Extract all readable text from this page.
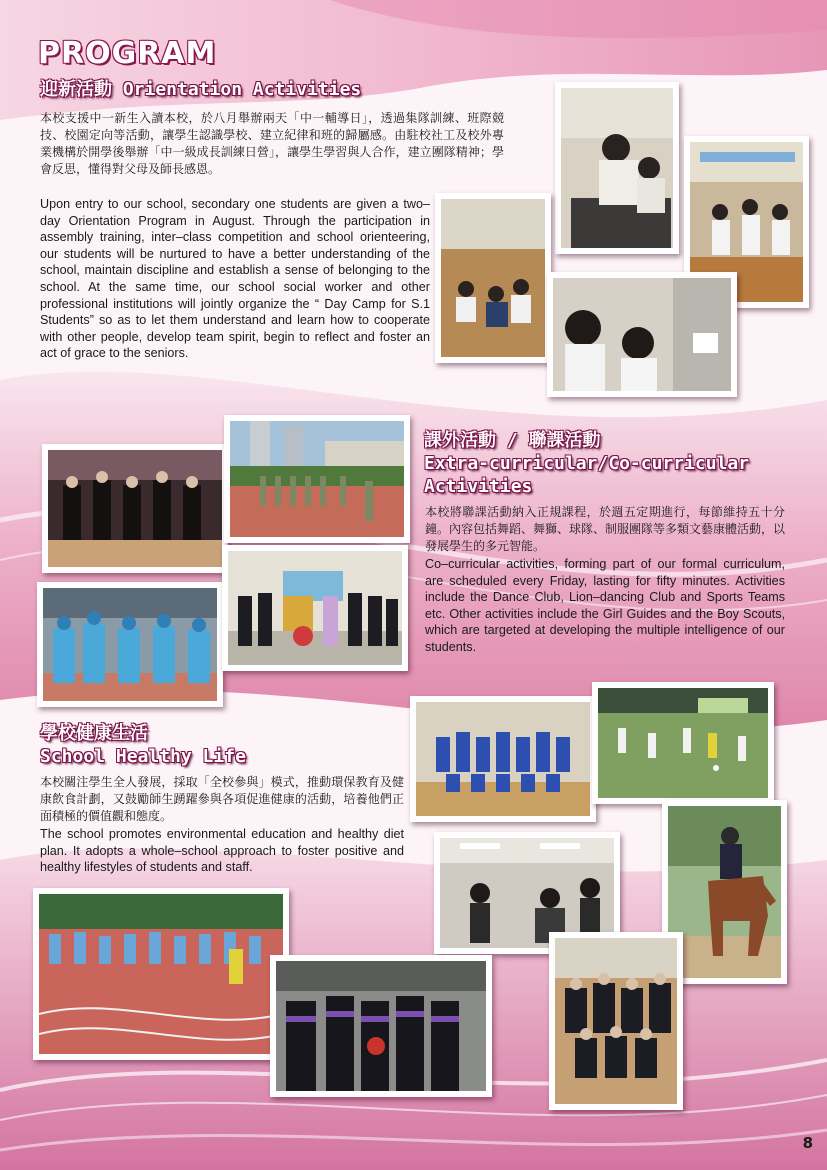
PROGRAM
迎新活動 Orientation Activities
本校支援中一新生入讀本校，於八月舉辦兩天「中一輔導日」，透過集隊訓練、班際競技、校園定向等活動，讓學生認識學校、建立紀律和班的歸屬感。由駐校社工及校外專業機構於開學後舉辦「中一級成長訓練日營」，讓學生學習與人合作，建立團隊精神；學會反思，懂得對父母及師長感恩。
Upon entry to our school, secondary one students are given a two–day Orientation Program in August. Through the participation in assembly training, inter–class competition and school orienteering, our students will be nurtured to have a better understanding of the school, maintain discipline and establish a sense of belonging to the school. At the same time, our school social worker and other professional institutions will jointly organize the “ Day Camp for S.1 Students” so as to let them understand and learn how to cooperate with other people, develop team spirit, begin to reflect and foster an act of grace to the seniors.
課外活動 / 聯課活動
Extra-curricular/Co-curricular
Activities
本校將聯課活動納入正規課程，於週五定期進行，每節維持五十分鐘。內容包括舞蹈、舞獅、球隊、制服團隊等多類文藝康體活動，以發展學生的多元智能。
Co–curricular activities, forming part of our formal curriculum, are scheduled every Friday, lasting for fifty minutes. Activities include the Dance Club, Lion–dancing Club and Sports Teams etc. Other activities include the Girl Guides and the Boy Scouts, which are targeted at developing the multiple intelligence of our students.
學校健康生活
School Healthy Life
本校關注學生全人發展，採取「全校參與」模式，推動環保教育及健康飲食計劃，又鼓勵師生踴躍參與各項促進健康的活動，培養他們正面積極的價值觀和態度。
The school promotes environmental education and healthy diet plan. It adopts a whole–school approach to foster positive and healthy lifestyles of students and staff.
8
